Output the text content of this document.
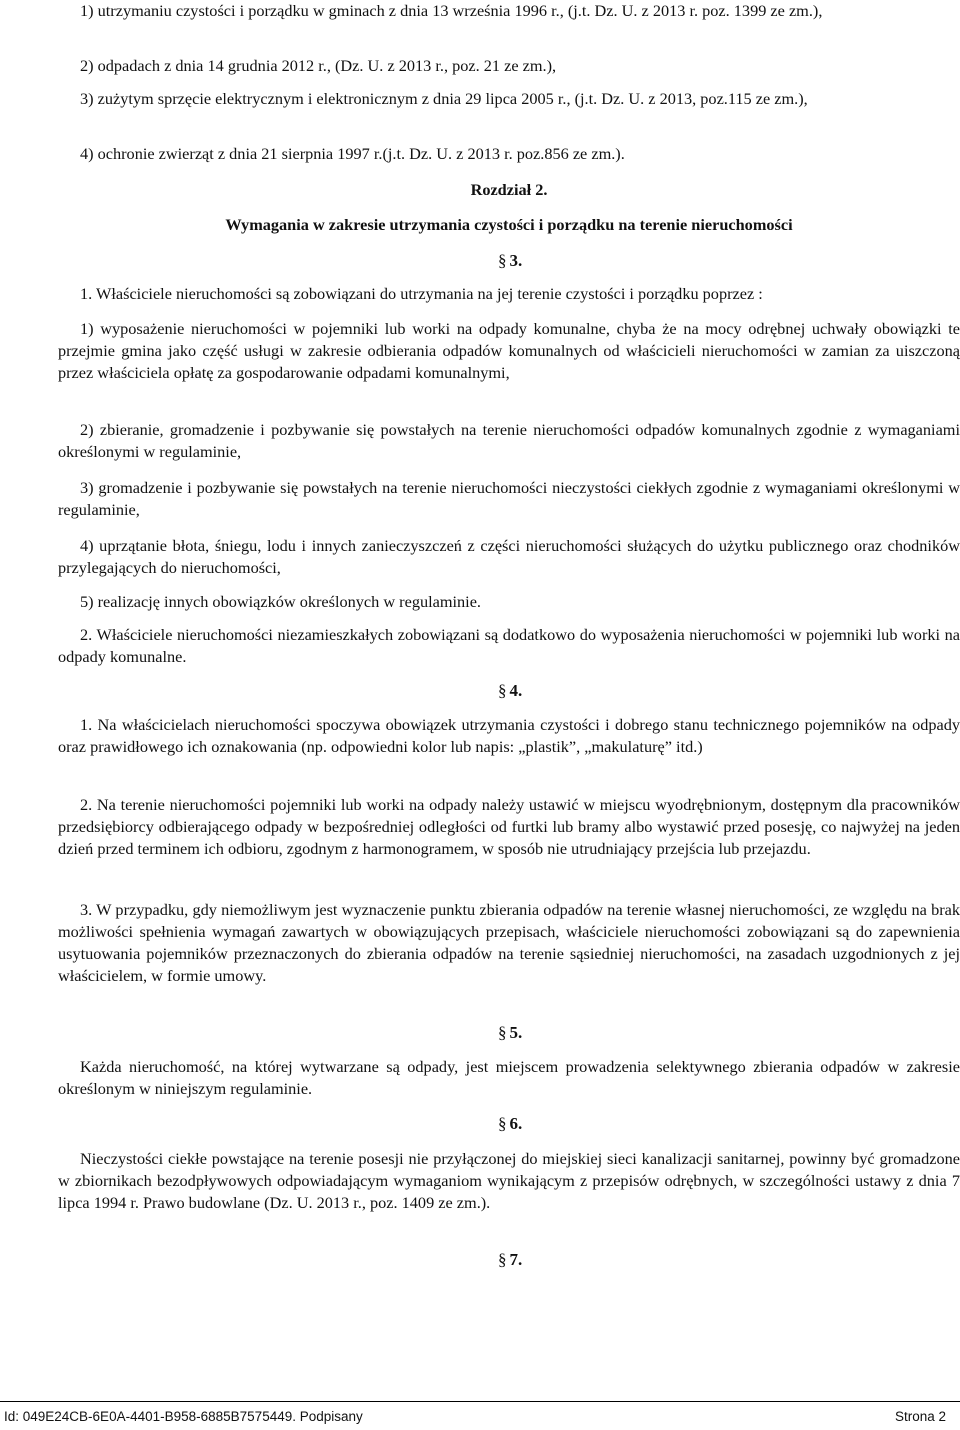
1) utrzymaniu czystości i porządku w gminach z dnia 13 września 1996 r., (j.t. Dz. U. z 2013 r. poz. 1399 ze zm.),

2) odpadach z dnia 14 grudnia 2012 r., (Dz. U. z 2013 r., poz. 21 ze zm.),

3) zużytym sprzęcie elektrycznym i elektronicznym z dnia 29 lipca 2005 r., (j.t. Dz. U. z 2013, poz.115 ze zm.),

4) ochronie zwierząt z dnia 21 sierpnia 1997 r.(j.t. Dz. U. z 2013 r. poz.856 ze zm.).

Rozdział 2.
Wymagania w zakresie utrzymania czystości i porządku na terenie nieruchomości
§ 3.

1. Właściciele nieruchomości są zobowiązani do utrzymania na jej terenie czystości i porządku poprzez :

1) wyposażenie nieruchomości w pojemniki lub worki na odpady komunalne, chyba że na mocy odrębnej uchwały obowiązki te przejmie gmina jako część usługi w zakresie odbierania odpadów komunalnych od właścicieli nieruchomości w zamian za uiszczoną przez właściciela opłatę za gospodarowanie odpadami komunalnymi,

2) zbieranie, gromadzenie i pozbywanie się powstałych na terenie nieruchomości odpadów komunalnych zgodnie z wymaganiami określonymi w regulaminie,

3) gromadzenie i pozbywanie się powstałych na terenie nieruchomości nieczystości ciekłych zgodnie z wymaganiami określonymi w regulaminie,

4) uprzątanie błota, śniegu, lodu i innych zanieczyszczeń z części nieruchomości służących do użytku publicznego oraz chodników przylegających do nieruchomości,

5) realizację innych obowiązków określonych w regulaminie.

2. Właściciele nieruchomości niezamieszkałych zobowiązani są dodatkowo do wyposażenia nieruchomości w pojemniki lub worki na odpady komunalne.

§ 4.

1. Na właścicielach nieruchomości spoczywa obowiązek utrzymania czystości i dobrego stanu technicznego pojemników na odpady oraz prawidłowego ich oznakowania (np. odpowiedni kolor lub napis: „plastik”, „makulaturę” itd.)

2. Na terenie nieruchomości pojemniki lub worki na odpady należy ustawić w miejscu wyodrębnionym, dostępnym dla pracowników przedsiębiorcy odbierającego odpady w bezpośredniej odległości od furtki lub bramy albo wystawić przed posesję, co najwyżej na jeden dzień przed terminem ich odbioru, zgodnym z harmonogramem, w sposób nie utrudniający przejścia lub przejazdu.

3. W przypadku, gdy niemożliwym jest wyznaczenie punktu zbierania odpadów na terenie własnej nieruchomości, ze względu na brak możliwości spełnienia wymagań zawartych w obowiązujących przepisach, właściciele nieruchomości zobowiązani są do zapewnienia usytuowania pojemników przeznaczonych do zbierania odpadów na terenie sąsiedniej nieruchomości, na zasadach uzgodnionych z jej właścicielem, w formie umowy.

§ 5.

Każda nieruchomość, na której wytwarzane są odpady, jest miejscem prowadzenia selektywnego zbierania odpadów w zakresie określonym w niniejszym regulaminie.

§ 6.

Nieczystości ciekłe powstające na terenie posesji nie przyłączonej do miejskiej sieci kanalizacji sanitarnej, powinny być gromadzone w zbiornikach bezodpływowych odpowiadającym wymaganiom wynikającym z przepisów odrębnych, w szczególności ustawy z dnia 7 lipca 1994 r. Prawo budowlane (Dz. U. 2013 r., poz. 1409 ze zm.).

§ 7.
Id: 049E24CB-6E0A-4401-B958-6885B7575449. Podpisany	Strona 2
